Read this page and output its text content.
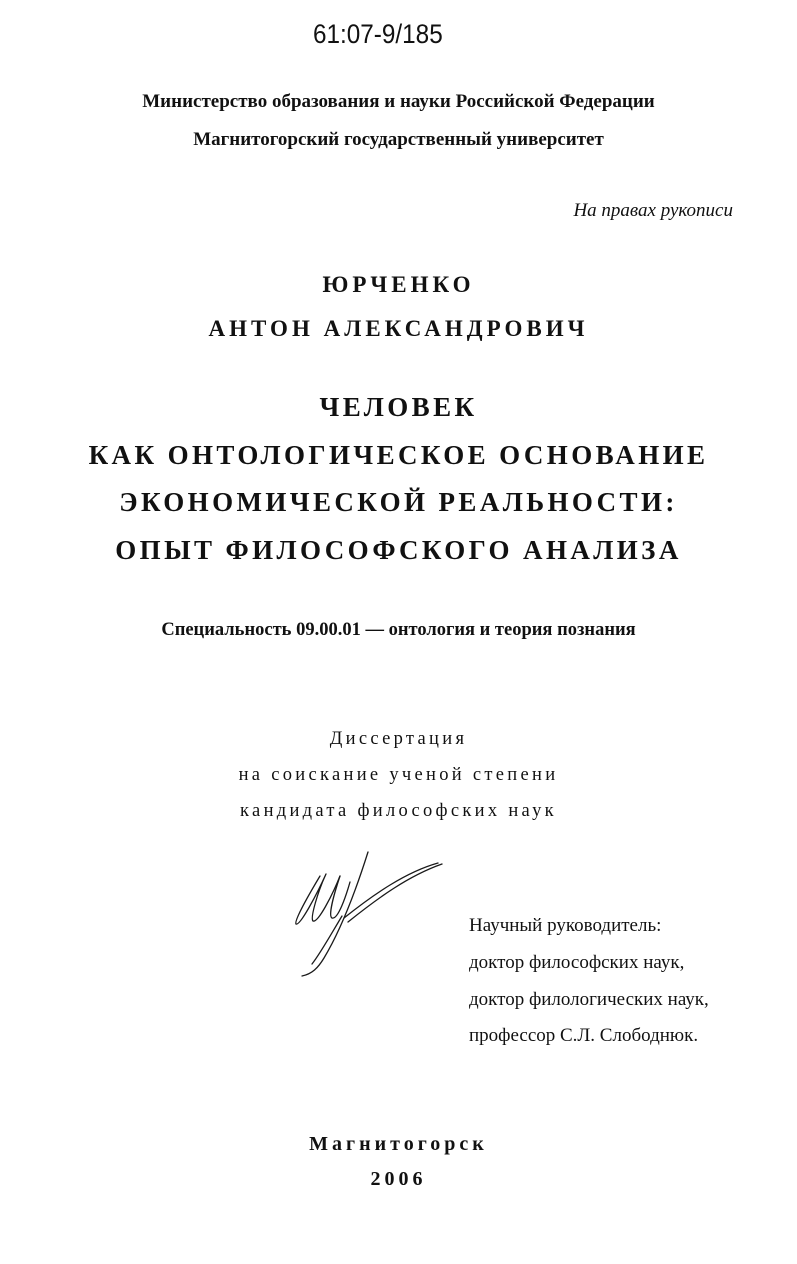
61:07-9/185
Министерство образования и науки Российской Федерации
Магнитогорский государственный университет
На правах рукописи
ЮРЧЕНКО
АНТОН АЛЕКСАНДРОВИЧ
ЧЕЛОВЕК
КАК ОНТОЛОГИЧЕСКОЕ ОСНОВАНИЕ
ЭКОНОМИЧЕСКОЙ РЕАЛЬНОСТИ:
ОПЫТ ФИЛОСОФСКОГО АНАЛИЗА
Специальность 09.00.01 — онтология и теория познания
Диссертация
на соискание ученой степени
кандидата философских наук
Научный руководитель:
доктор философских наук,
доктор филологических наук,
профессор С.Л. Слободнюк.
Магнитогорск
2006
